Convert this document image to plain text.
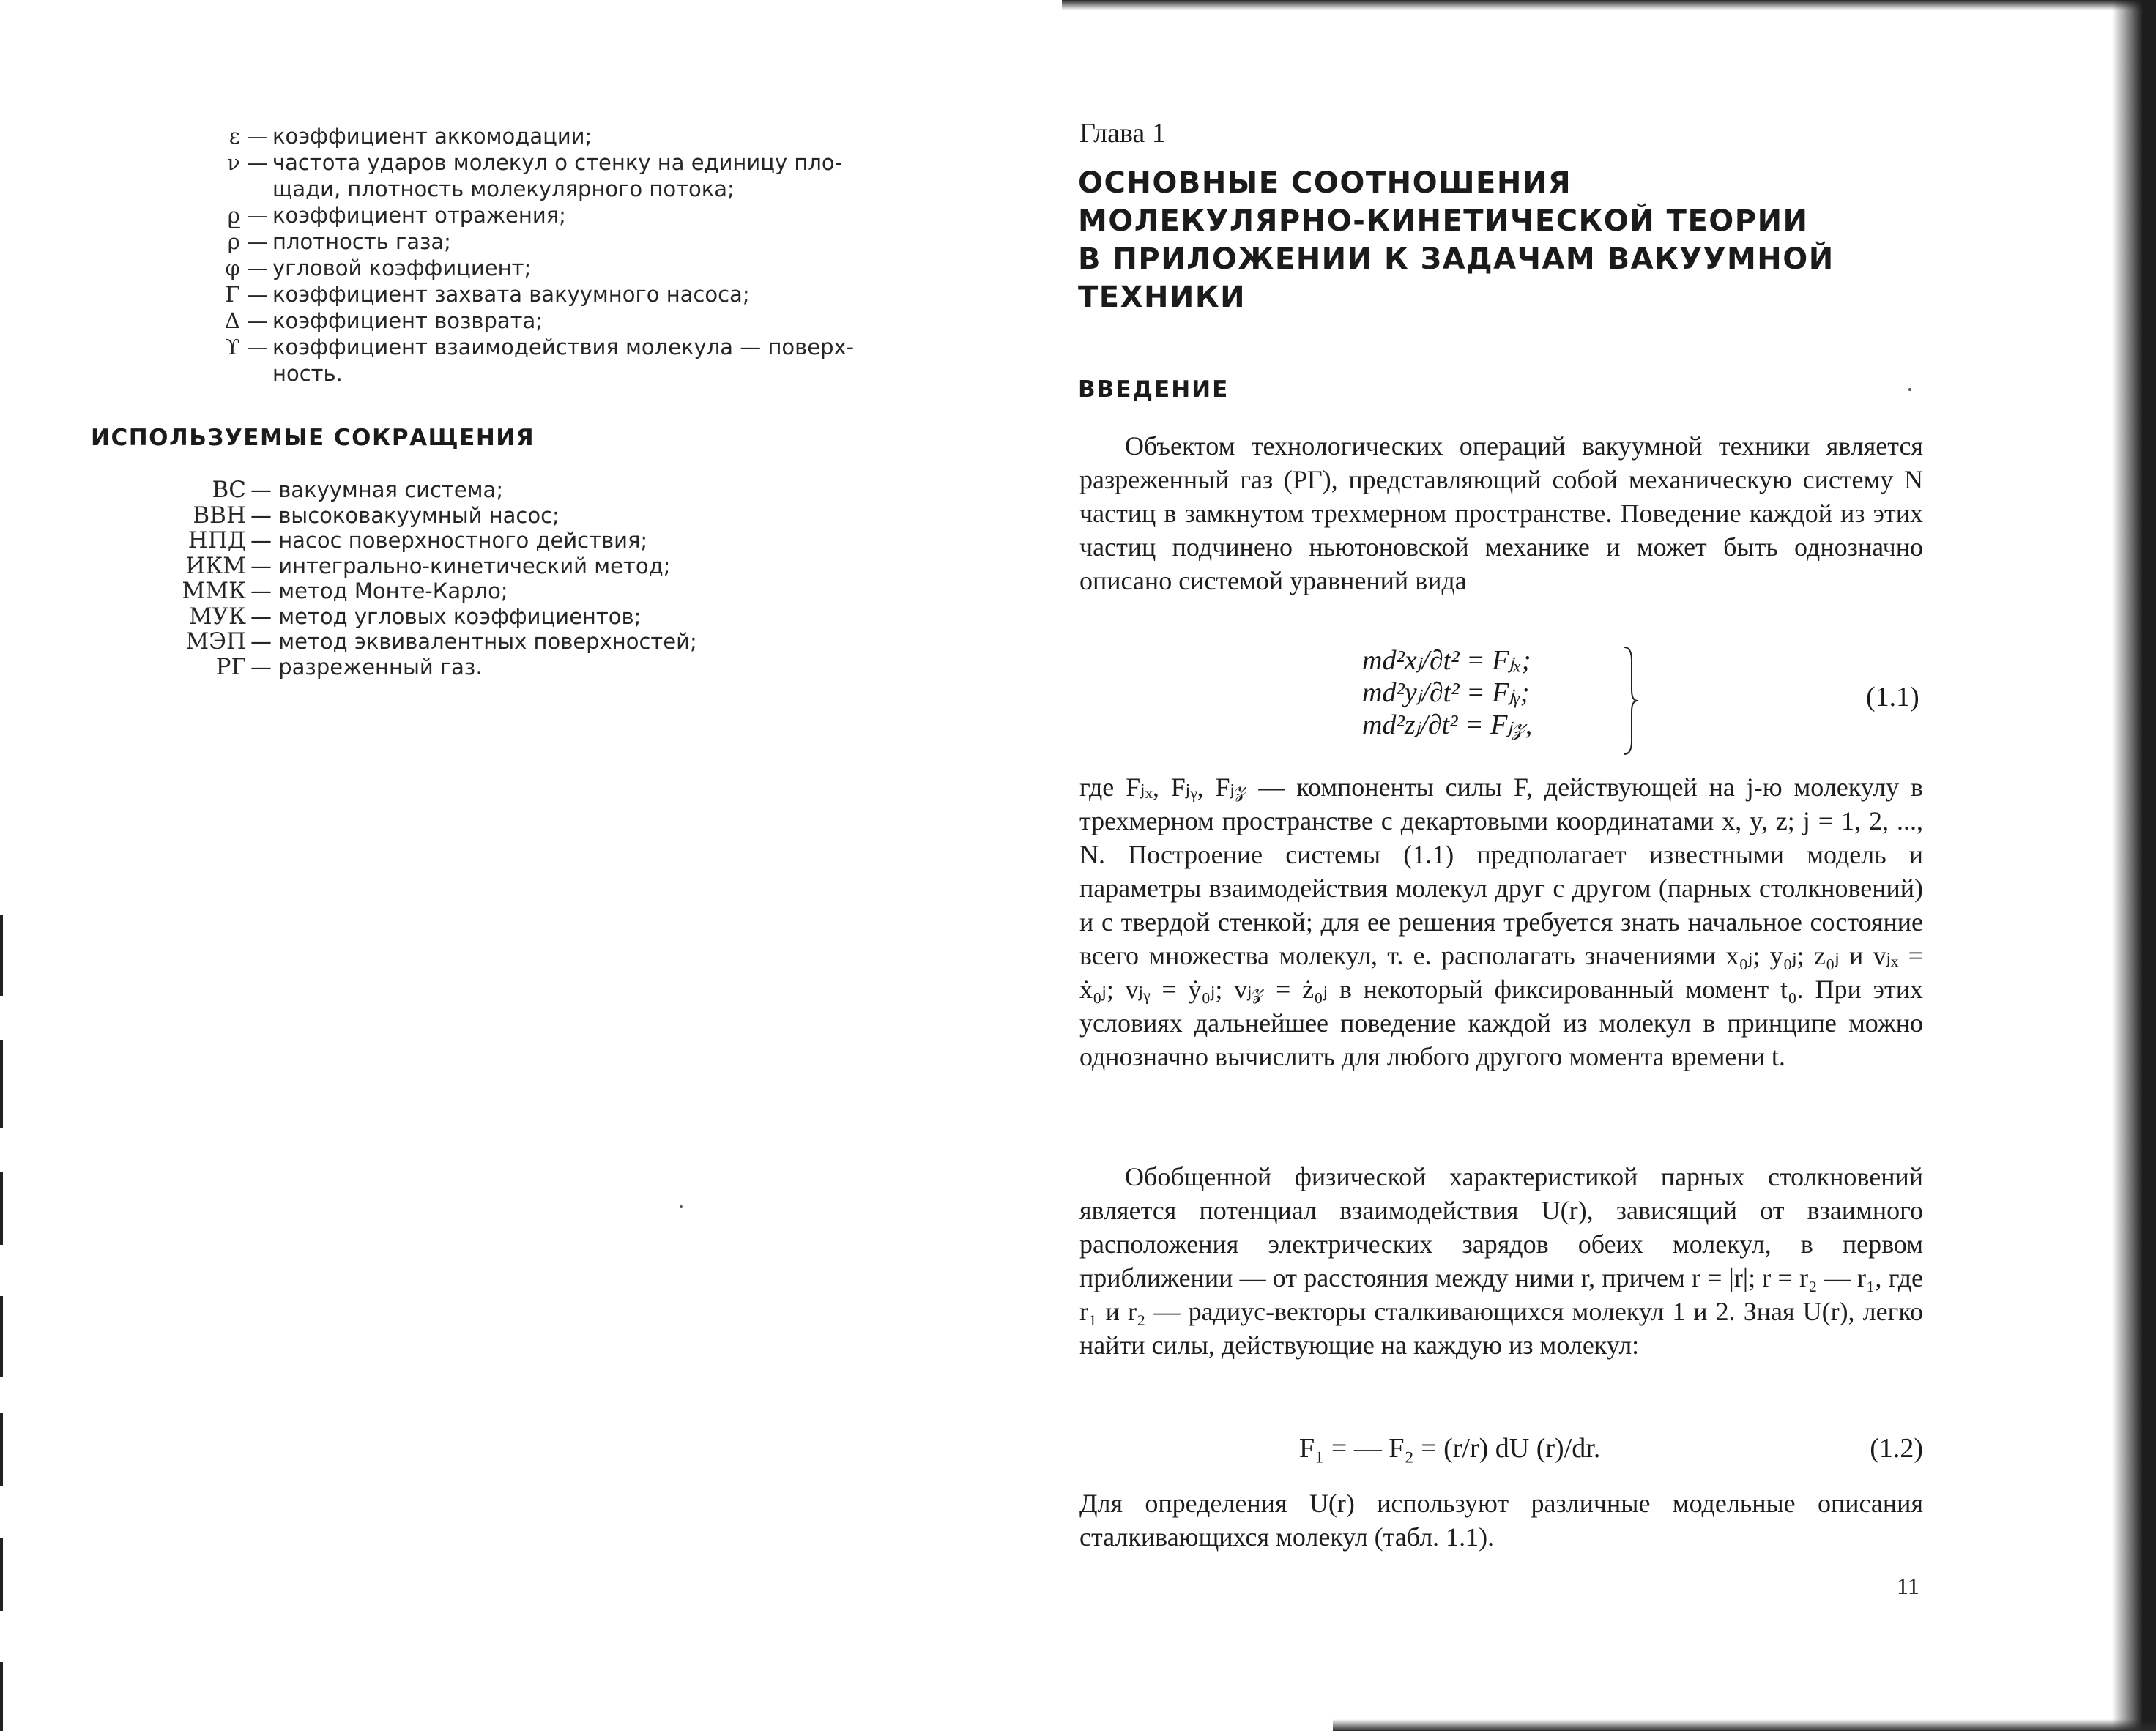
ε — коэффициент аккомодации;
ν — частота ударов молекул о стенку на единицу пло-
щади, плотность молекулярного потока;
ρ̲ — коэффициент отражения;
ρ — плотность газа;
φ — угловой коэффициент;
Γ — коэффициент захвата вакуумного насоса;
Δ — коэффициент возврата;
ϒ — коэффициент взаимодействия молекула — поверх-
ность.
ИСПОЛЬЗУЕМЫЕ СОКРАЩЕНИЯ
ВС — вакуумная система;
ВВН — высоковакуумный насос;
НПД — насос поверхностного действия;
ИКМ — интегрально-кинетический метод;
ММК — метод Монте-Карло;
МУК — метод угловых коэффициентов;
МЭП — метод эквивалентных поверхностей;
РГ — разреженный газ.
Глава 1
ОСНОВНЫЕ СООТНОШЕНИЯ
МОЛЕКУЛЯРНО-КИНЕТИЧЕСКОЙ ТЕОРИИ
В ПРИЛОЖЕНИИ К ЗАДАЧАМ ВАКУУМНОЙ
ТЕХНИКИ
ВВЕДЕНИЕ
Объектом технологических операций вакуумной техники является разреженный газ (РГ), представляющий собой механическую систему N частиц в замкнутом трехмерном пространстве. Поведение каждой из этих частиц подчинено ньютоновской механике и может быть однозначно описано системой уравнений вида
md²xⱼ/∂t² = Fⱼₓ;
md²yⱼ/∂t² = Fⱼᵧ;
md²zⱼ/∂t² = Fⱼ𝓏,
(1.1)
где Fⱼₓ, Fⱼᵧ, Fⱼ𝓏 — компоненты силы F, действующей на j-ю молекулу в трехмерном пространстве с декартовыми координатами x, y, z; j = 1, 2, ..., N. Построение системы (1.1) предполагает известными модель и параметры взаимодействия молекул друг с другом (парных столкновений) и с твердой стенкой; для ее решения требуется знать начальное состояние всего множества молекул, т. е. располагать значениями x₀ⱼ; y₀ⱼ; z₀ⱼ и vⱼₓ = ẋ₀ⱼ; vⱼᵧ = ẏ₀ⱼ; vⱼ𝓏 = ż₀ⱼ в некоторый фиксированный момент t₀. При этих условиях дальнейшее поведение каждой из молекул в принципе можно однозначно вычислить для любого другого момента времени t.
Обобщенной физической характеристикой парных столкновений является потенциал взаимодействия U(r), зависящий от взаимного расположения электрических зарядов обеих молекул, в первом приближении — от расстояния между ними r, причем r = |r|; r = r₂ — r₁, где r₁ и r₂ — радиус-векторы сталкивающихся молекул 1 и 2. Зная U(r), легко найти силы, действующие на каждую из молекул:
F₁ = — F₂ = (r/r) dU (r)/dr.	(1.2)
Для определения U(r) используют различные модельные описания сталкивающихся молекул (табл. 1.1).
11
